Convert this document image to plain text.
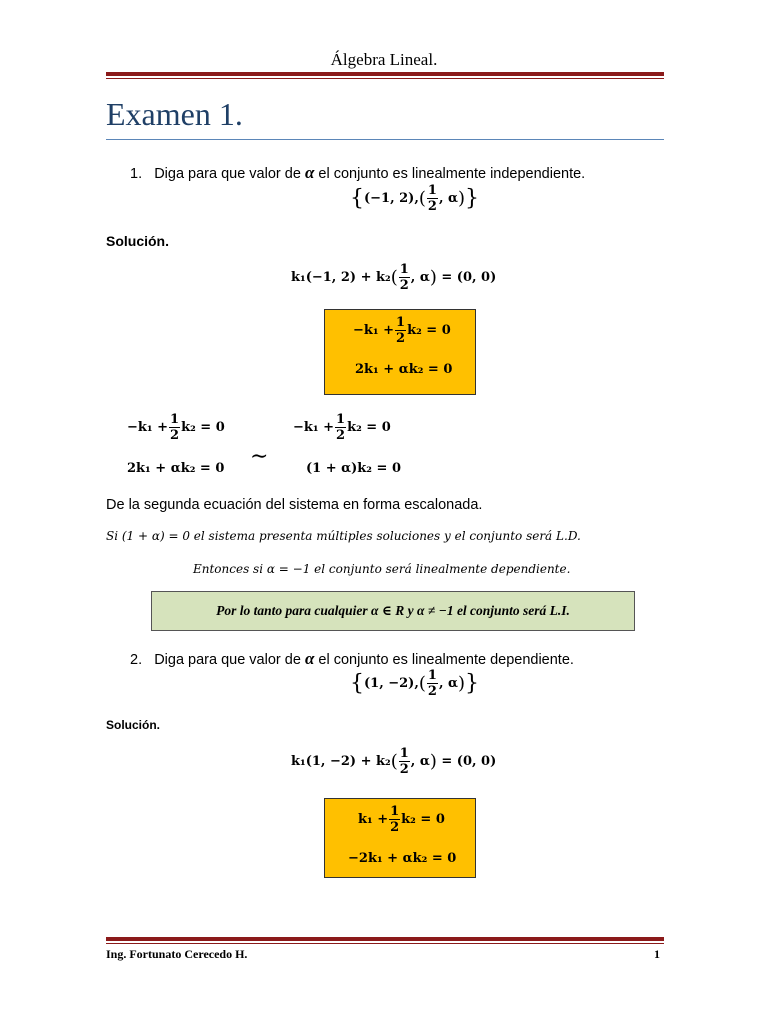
Álgebra Lineal.
Examen 1.
1. Diga para que valor de α el conjunto es linealmente independiente.
{(−1, $2),( \frac{1}{2}$ , α)}
Solución.
k₁(−1, $2) + k_2( \frac{1}{2}$ , α) = (0, 0)
$-k_1 + \frac{1}{2} k_2 = 0$
2k₁ + αk₂ = 0
$-k_1 + \frac{1}{2} k_2 = 0$
2k₁ + αk₂ = 0
∼
$-k_1 + \frac{1}{2} k_2 = 0$
(1 + α)k₂ = 0
De la segunda ecuación del sistema en forma escalonada.
Si (1 + α) = 0 el sistema presenta múltiples soluciones y el conjunto será L.D.
Entonces si α = −1 el conjunto será linealmente dependiente.
Por lo tanto para cualquier α ∈ R y α ≠ −1 el conjunto será L.I.
2. Diga para que valor de α el conjunto es linealmente dependiente.
{(1, $-2),( \frac{1}{2}$ , α)}
Solución.
k₁(1, $-2) + k_2( \frac{1}{2}$ , α) = (0, 0)
$k_1 + \frac{1}{2} k_2 = 0$
−2k₁ + αk₂ = 0
Ing. Fortunato Cerecedo H.	1
